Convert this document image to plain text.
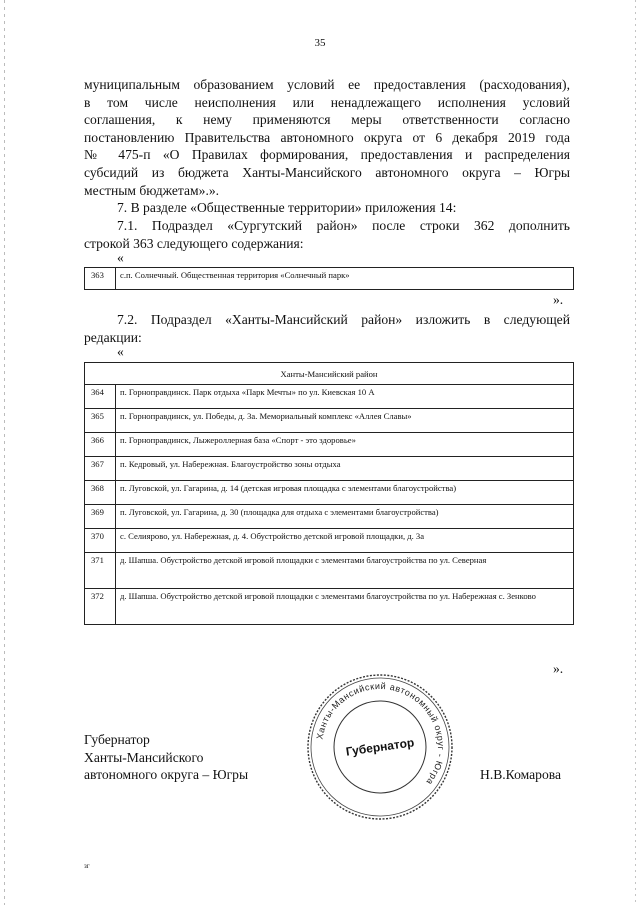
35
муниципальным образованием условий ее предоставления (расходования),
в том числе неисполнения или ненадлежащего исполнения условий
соглашения, к нему применяются меры ответственности согласно
постановлению Правительства автономного округа от 6 декабря 2019 года
№ 475-п «О Правилах формирования, предоставления и распределения
субсидий из бюджета Ханты-Мансийского автономного округа – Югры
местным бюджетам».».
7. В разделе «Общественные территории» приложения 14:
7.1. Подраздел «Сургутский район» после строки 362 дополнить
строкой 363 следующего содержания:
«
363	с.п. Солнечный. Общественная территория «Солнечный парк»
».
7.2. Подраздел «Ханты-Мансийский район» изложить в следующей
редакции:
«
Ханты-Мансийский район	
364	п. Горноправдинск. Парк отдыха «Парк Мечты» по ул. Киевская 10 А
365	п. Горноправдинск, ул. Победы, д. 3а. Мемориальный комплекс «Аллея Славы»
366	п. Горноправдинск, Лыжероллерная база «Спорт - это здоровье»
367	п. Кедровый, ул. Набережная. Благоустройство зоны отдыха
368	п. Луговской, ул. Гагарина, д. 14 (детская игровая площадка с элементами благоустройства)
369	п. Луговской, ул. Гагарина, д. 30 (площадка для отдыха с элементами благоустройства)
370	с. Селиярово, ул. Набережная, д. 4. Обустройство детской игровой площадки, д. 3а
371	д. Шапша. Обустройство детской игровой площадки с элементами благоустройства по ул. Северная
372	д. Шапша. Обустройство детской игровой площадки с элементами благоустройства по ул. Набережная с. Зенково
».
Губернатор
Ханты-Мансийского
автономного округа – Югры
Ханты-Мансийский автономный округ - Югра
Губернатор
Н.В.Комарова
зг
